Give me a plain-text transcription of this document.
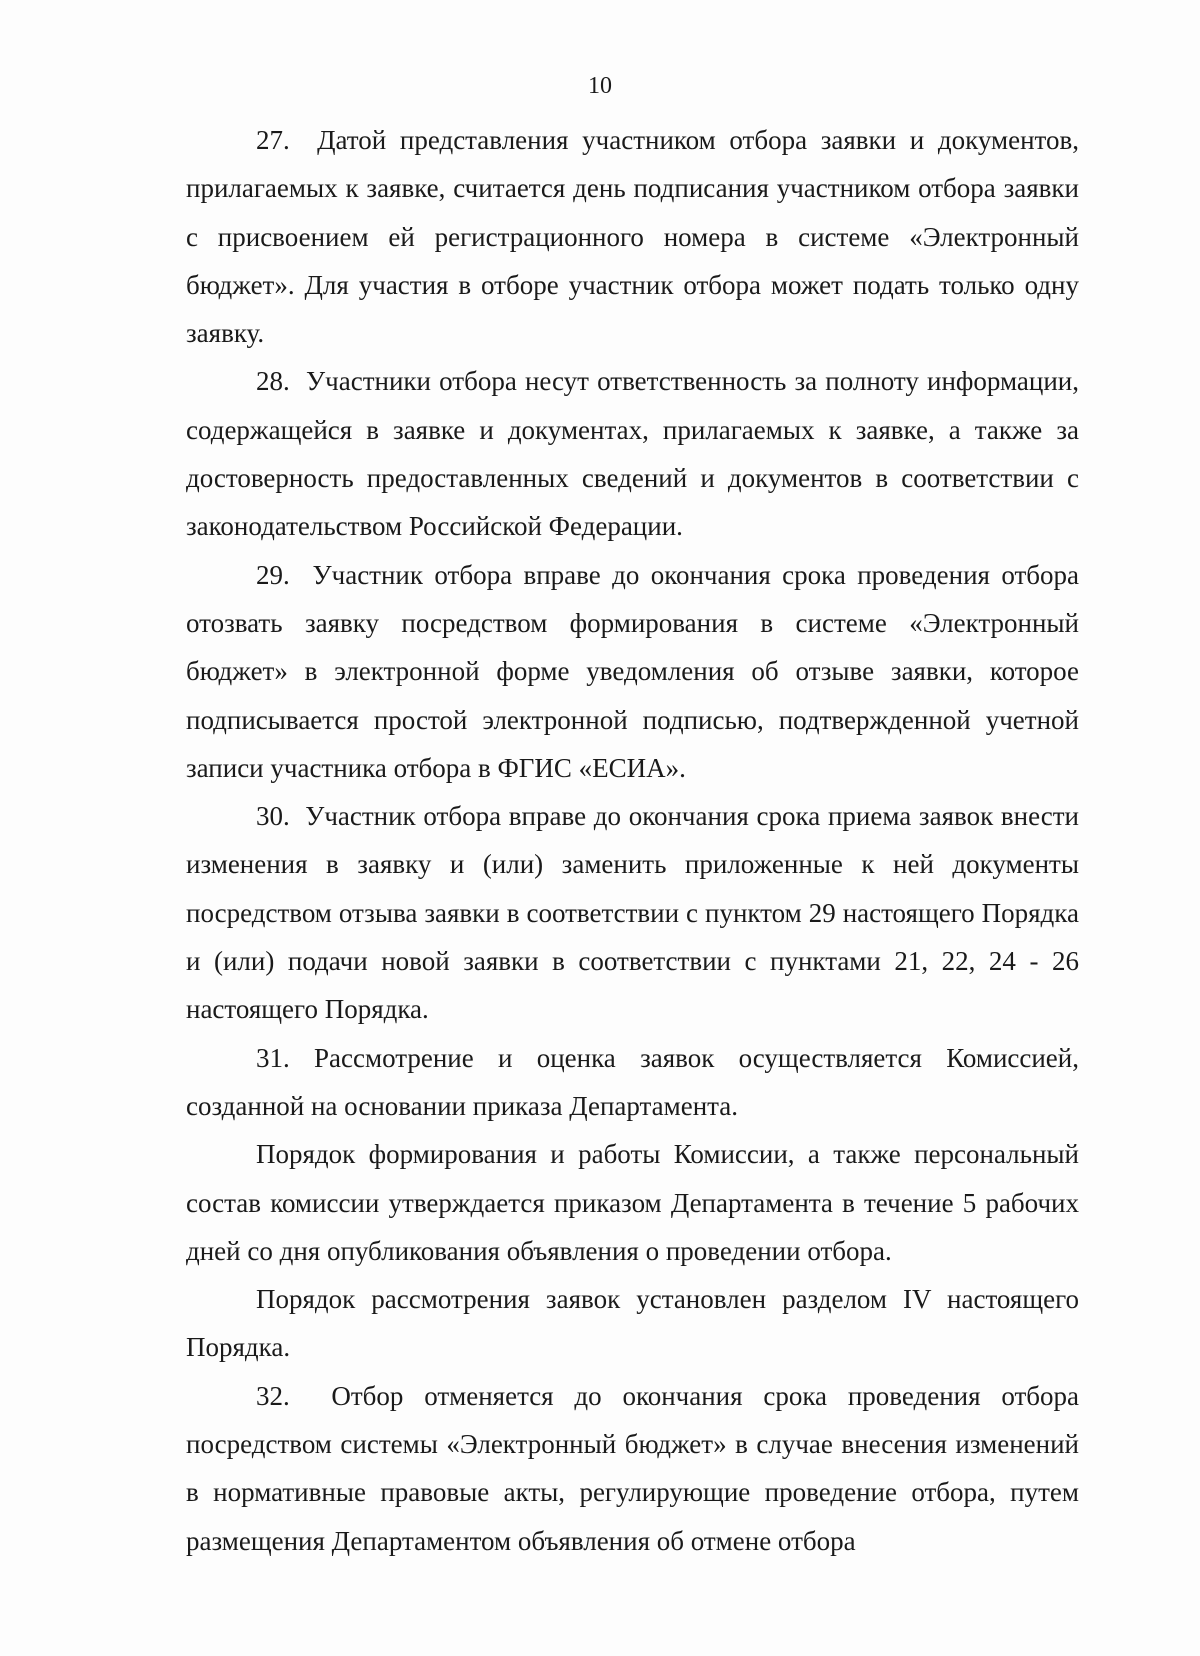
10

27.  Датой представления участником отбора заявки и документов, прилагаемых к заявке, считается день подписания участником отбора заявки с присвоением ей регистрационного номера в системе «Электронный бюджет». Для участия в отборе участник отбора может подать только одну заявку.

28.  Участники отбора несут ответственность за полноту информации, содержащейся в заявке и документах, прилагаемых к заявке, а также за достоверность предоставленных сведений и документов в соответствии с законодательством Российской Федерации.

29.  Участник отбора вправе до окончания срока проведения отбора отозвать заявку посредством формирования в системе «Электронный бюджет» в электронной форме уведомления об отзыве заявки, которое подписывается простой электронной подписью, подтвержденной учетной записи участника отбора в ФГИС «ЕСИА».

30.  Участник отбора вправе до окончания срока приема заявок внести изменения в заявку и (или) заменить приложенные к ней документы посредством отзыва заявки в соответствии с пунктом 29 настоящего Порядка и (или) подачи новой заявки в соответствии с пунктами 21, 22, 24 - 26 настоящего Порядка.

31. Рассмотрение и оценка заявок осуществляется Комиссией, созданной на основании приказа Департамента.

Порядок формирования и работы Комиссии, а также персональный состав комиссии утверждается приказом Департамента в течение 5 рабочих дней со дня опубликования объявления о проведении отбора.

Порядок рассмотрения заявок установлен разделом IV настоящего Порядка.

32.  Отбор отменяется до окончания срока проведения отбора посредством системы «Электронный бюджет» в случае внесения изменений в нормативные правовые акты, регулирующие проведение отбора, путем размещения Департаментом объявления об отмене отбора
